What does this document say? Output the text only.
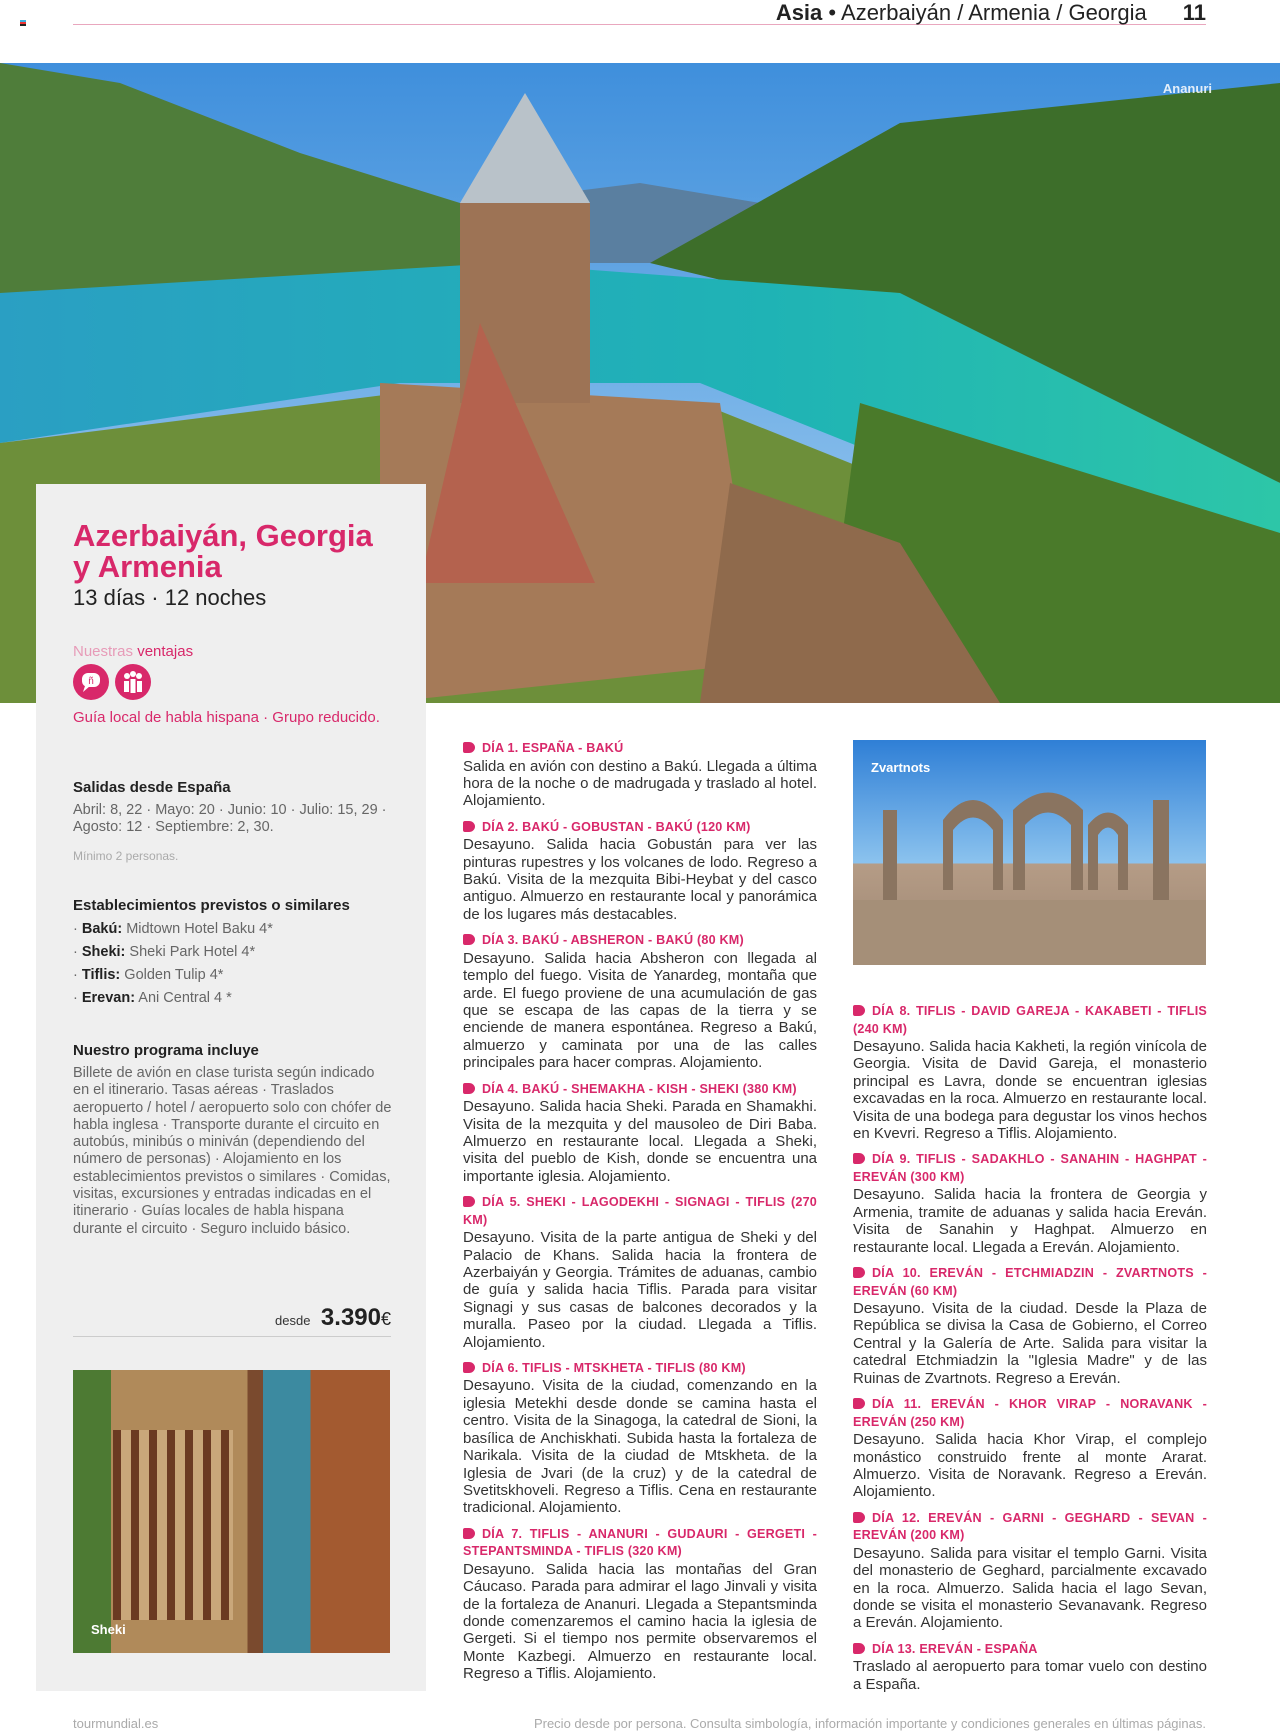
Asia • Azerbaiyán / Armenia / Georgia 11
Ananuri
Azerbaiyán, Georgia
y Armenia
13 días · 12 noches
Nuestras ventajas
ñ

Guía local de habla hispana · Grupo reducido.
Salidas desde España
Abril: 8, 22 · Mayo: 20 · Junio: 10 · Julio: 15, 29 · Agosto: 12 · Septiembre: 2, 30.
Mínimo 2 personas.
Establecimientos previstos o similares
· Bakú: Midtown Hotel Baku 4*
· Sheki: Sheki Park Hotel 4*
· Tiflis: Golden Tulip 4*
· Erevan: Ani Central 4 *
Nuestro programa incluye
Billete de avión en clase turista según indicado en el itinerario. Tasas aéreas · Traslados aeropuerto / hotel / aeropuerto solo con chófer de habla inglesa · Transporte durante el circuito en autobús, minibús o miniván (dependiendo del número de personas) · Alojamiento en los establecimientos previstos o similares · Comidas, visitas, excursiones y entradas indicadas en el itinerario · Guías locales de habla hispana durante el circuito · Seguro incluido básico.
desde 3.390€
Sheki
DÍA 1. ESPAÑA - BAKÚ
Salida en avión con destino a Bakú. Llegada a última hora de la noche o de madrugada y traslado al hotel. Alojamiento.
DÍA 2. BAKÚ - GOBUSTAN - BAKÚ (120 KM)
Desayuno. Salida hacia Gobustán para ver las pinturas rupestres y los volcanes de lodo. Regreso a Bakú. Visita de la mezquita Bibi-Heybat y del casco antiguo. Almuerzo en restaurante local y panorámica de los lugares más destacables.
DÍA 3. BAKÚ - ABSHERON - BAKÚ (80 KM)
Desayuno. Salida hacia Absheron con llegada al templo del fuego. Visita de Yanardeg, montaña que arde. El fuego proviene de una acumulación de gas que se escapa de las capas de la tierra y se enciende de manera espontánea. Regreso a Bakú, almuerzo y caminata por una de las calles principales para hacer compras. Alojamiento.
DÍA 4. BAKÚ - SHEMAKHA - KISH - SHEKI (380 KM)
Desayuno. Salida hacia Sheki. Parada en Shamakhi. Visita de la mezquita y del mausoleo de Diri Baba. Almuerzo en restaurante local. Llegada a Sheki, visita del pueblo de Kish, donde se encuentra una importante iglesia. Alojamiento.
DÍA 5. SHEKI - LAGODEKHI - SIGNAGI - TIFLIS (270 KM)
Desayuno. Visita de la parte antigua de Sheki y del Palacio de Khans. Salida hacia la frontera de Azerbaiyán y Georgia. Trámites de aduanas, cambio de guía y salida hacia Tiflis. Parada para visitar Signagi y sus casas de balcones decorados y la muralla. Paseo por la ciudad. Llegada a Tiflis. Alojamiento.
DÍA 6. TIFLIS - MTSKHETA - TIFLIS (80 KM)
Desayuno. Visita de la ciudad, comenzando en la iglesia Metekhi desde donde se camina hasta el centro. Visita de la Sinagoga, la catedral de Sioni, la basílica de Anchiskhati. Subida hasta la fortaleza de Narikala. Visita de la ciudad de Mtskheta. de la Iglesia de Jvari (de la cruz) y de la catedral de Svetitskhoveli. Regreso a Tiflis. Cena en restaurante tradicional. Alojamiento.
DÍA 7. TIFLIS - ANANURI - GUDAURI - GERGETI - STEPANTSMINDA - TIFLIS (320 KM)
Desayuno. Salida hacia las montañas del Gran Cáucaso. Parada para admirar el lago Jinvali y visita de la fortaleza de Ananuri. Llegada a Stepantsminda donde comenzaremos el camino hacia la iglesia de Gergeti. Si el tiempo nos permite observaremos el Monte Kazbegi. Almuerzo en restaurante local. Regreso a Tiflis. Alojamiento.
Zvartnots
DÍA 8. TIFLIS - DAVID GAREJA - KAKABETI - TIFLIS (240 KM)
Desayuno. Salida hacia Kakheti, la región vinícola de Georgia. Visita de David Gareja, el monasterio principal es Lavra, donde se encuentran iglesias excavadas en la roca. Almuerzo en restaurante local. Visita de una bodega para degustar los vinos hechos en Kvevri. Regreso a Tiflis. Alojamiento.
DÍA 9. TIFLIS - SADAKHLO - SANAHIN - HAGHPAT - EREVÁN (300 KM)
Desayuno. Salida hacia la frontera de Georgia y Armenia, tramite de aduanas y salida hacia Ereván. Visita de Sanahin y Haghpat. Almuerzo en restaurante local. Llegada a Ereván. Alojamiento.
DÍA 10. EREVÁN - ETCHMIADZIN - ZVARTNOTS - EREVÁN (60 KM)
Desayuno. Visita de la ciudad. Desde la Plaza de República se divisa la Casa de Gobierno, el Correo Central y la Galería de Arte. Salida para visitar la catedral Etchmiadzin la "Iglesia Madre" y de las Ruinas de Zvartnots. Regreso a Ereván.
DÍA 11. EREVÁN - KHOR VIRAP - NORAVANK - EREVÁN (250 KM)
Desayuno. Salida hacia Khor Virap, el complejo monástico construido frente al monte Ararat. Almuerzo. Visita de Noravank. Regreso a Ereván. Alojamiento.
DÍA 12. EREVÁN - GARNI - GEGHARD - SEVAN - EREVÁN (200 KM)
Desayuno. Salida para visitar el templo Garni. Visita del monasterio de Geghard, parcialmente excavado en la roca. Almuerzo. Salida hacia el lago Sevan, donde se visita el monasterio Sevanavank. Regreso a Ereván. Alojamiento.
DÍA 13. EREVÁN - ESPAÑA
Traslado al aeropuerto para tomar vuelo con destino a España.
tourmundial.es	Precio desde por persona. Consulta simbología, información importante y condiciones generales en últimas páginas.
